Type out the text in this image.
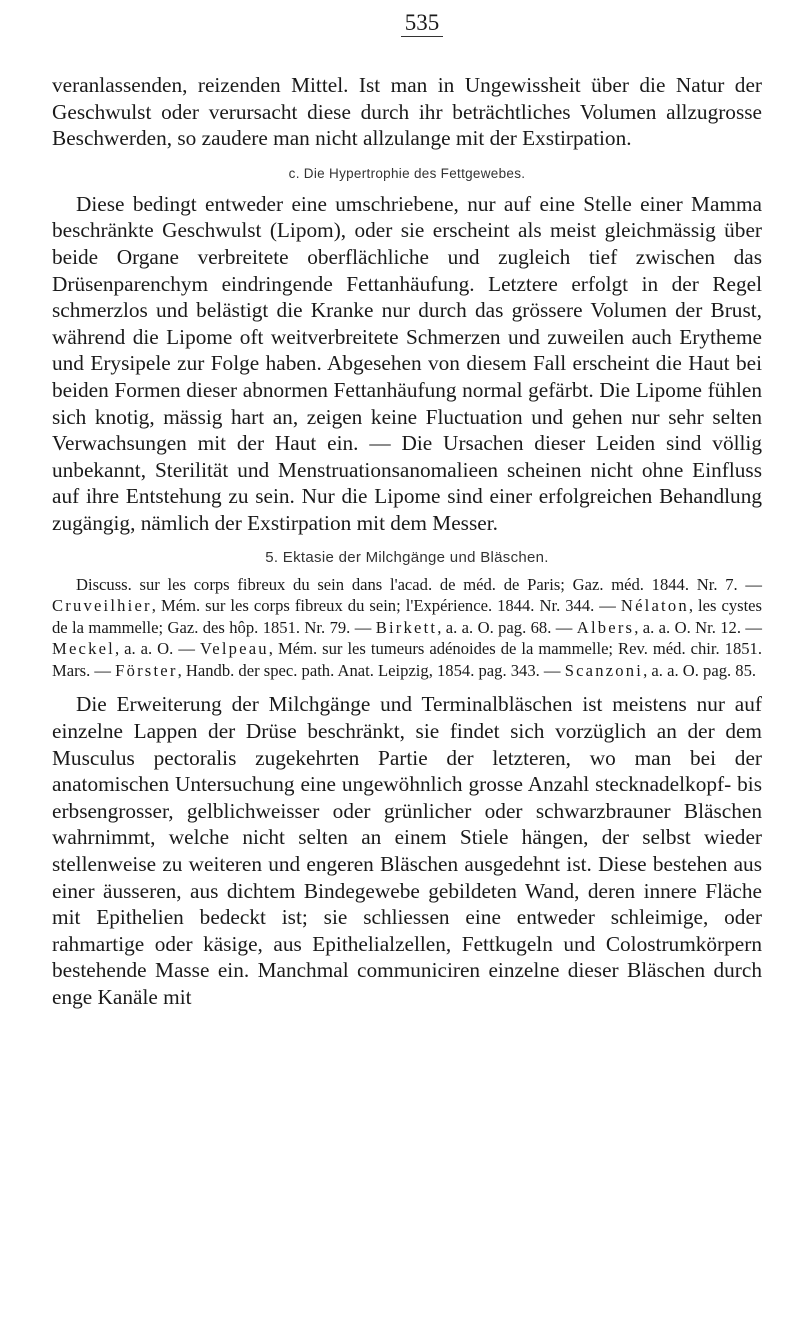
535

veranlassenden, reizenden Mittel. Ist man in Ungewissheit über die Natur der Geschwulst oder verursacht diese durch ihr beträchtliches Volumen allzugrosse Beschwerden, so zaudere man nicht allzulange mit der Exstirpation.

c. Die Hypertrophie des Fettgewebes.

Diese bedingt entweder eine umschriebene, nur auf eine Stelle einer Mamma beschränkte Geschwulst (Lipom), oder sie erscheint als meist gleichmässig über beide Organe verbreitete oberflächliche und zugleich tief zwischen das Drüsenparenchym eindringende Fettanhäufung. Letztere erfolgt in der Regel schmerzlos und belästigt die Kranke nur durch das grössere Volumen der Brust, während die Lipome oft weitverbreitete Schmerzen und zuweilen auch Erytheme und Erysipele zur Folge haben. Abgesehen von diesem Fall erscheint die Haut bei beiden Formen dieser abnormen Fettanhäufung normal gefärbt. Die Lipome fühlen sich knotig, mässig hart an, zeigen keine Fluctuation und gehen nur sehr selten Verwachsungen mit der Haut ein. — Die Ursachen dieser Leiden sind völlig unbekannt, Sterilität und Menstruationsanomalieen scheinen nicht ohne Einfluss auf ihre Entstehung zu sein. Nur die Lipome sind einer erfolgreichen Behandlung zugängig, nämlich der Exstirpation mit dem Messer.

5. Ektasie der Milchgänge und Bläschen.

Discuss. sur les corps fibreux du sein dans l'acad. de méd. de Paris; Gaz. méd. 1844. Nr. 7. — Cruveilhier, Mém. sur les corps fibreux du sein; l'Expérience. 1844. Nr. 344. — Nélaton, les cystes de la mammelle; Gaz. des hôp. 1851. Nr. 79. — Birkett, a. a. O. pag. 68. — Albers, a. a. O. Nr. 12. — Meckel, a. a. O. — Velpeau, Mém. sur les tumeurs adénoides de la mammelle; Rev. méd. chir. 1851. Mars. — Förster, Handb. der spec. path. Anat. Leipzig, 1854. pag. 343. — Scanzoni, a. a. O. pag. 85.

Die Erweiterung der Milchgänge und Terminalbläschen ist meistens nur auf einzelne Lappen der Drüse beschränkt, sie findet sich vorzüglich an der dem Musculus pectoralis zugekehrten Partie der letzteren, wo man bei der anatomischen Untersuchung eine ungewöhnlich grosse Anzahl stecknadelkopf- bis erbsengrosser, gelblichweisser oder grünlicher oder schwarzbrauner Bläschen wahrnimmt, welche nicht selten an einem Stiele hängen, der selbst wieder stellenweise zu weiteren und engeren Bläschen ausgedehnt ist. Diese bestehen aus einer äusseren, aus dichtem Bindegewebe gebildeten Wand, deren innere Fläche mit Epithelien bedeckt ist; sie schliessen eine entweder schleimige, oder rahmartige oder käsige, aus Epithelialzellen, Fettkugeln und Colostrumkörpern bestehende Masse ein. Manchmal communiciren einzelne dieser Bläschen durch enge Kanäle mit
